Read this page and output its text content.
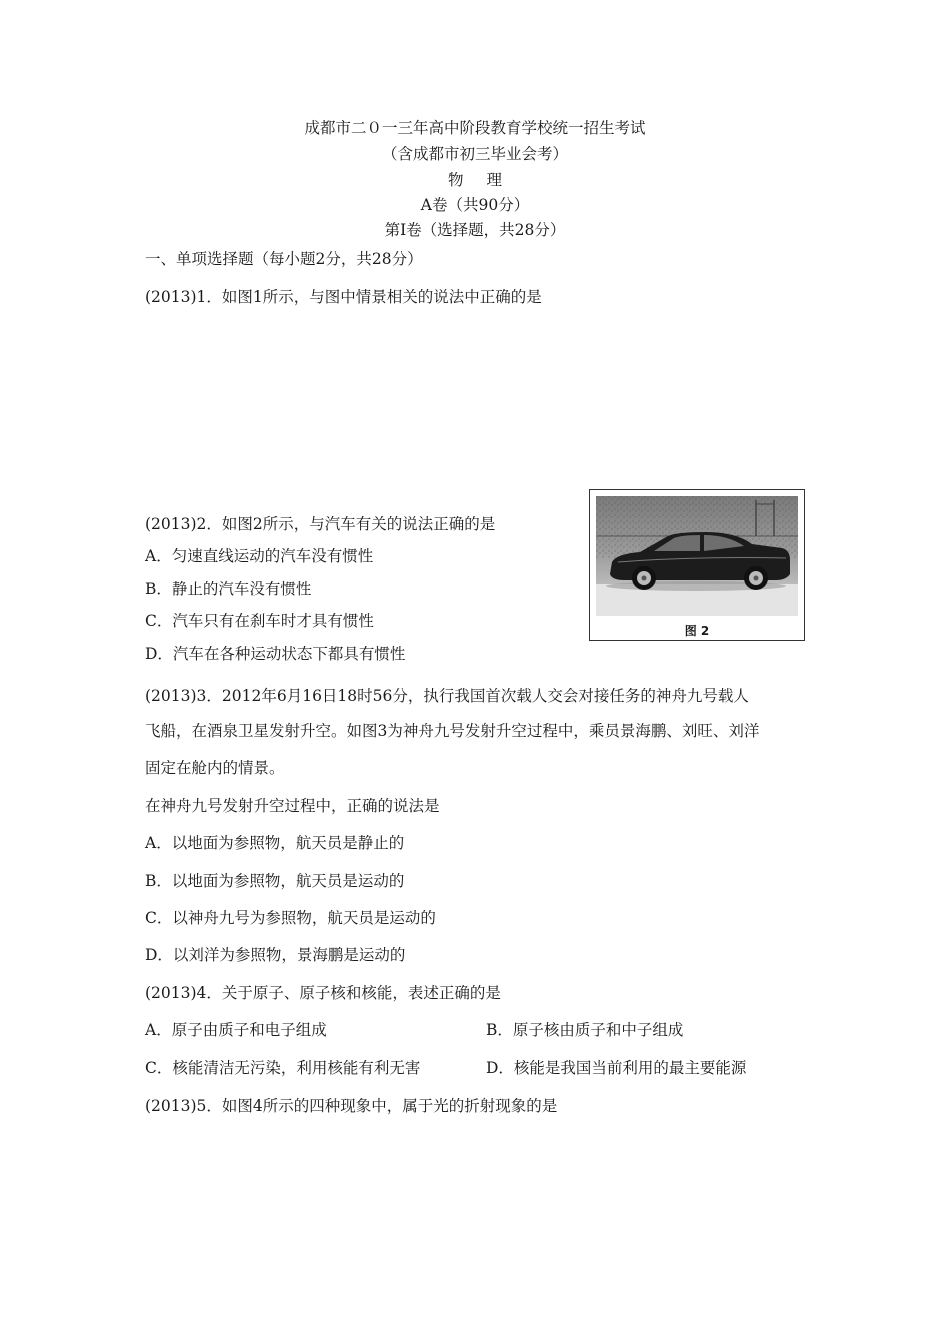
成都市二０一三年高中阶段教育学校统一招生考试
（含成都市初三毕业会考）
物 理
A卷（共90分）
第Ⅰ卷（选择题，共28分）
一、单项选择题（每小题2分，共28分）
(2013)1．如图1所示，与图中情景相关的说法中正确的是
(2013)2．如图2所示，与汽车有关的说法正确的是
A．匀速直线运动的汽车没有惯性
B．静止的汽车没有惯性
C．汽车只有在刹车时才具有惯性
D．汽车在各种运动状态下都具有惯性
图 2
(2013)3．2012年6月16日18时56分，执行我国首次载人交会对接任务的神舟九号载人
飞船，在酒泉卫星发射升空。如图3为神舟九号发射升空过程中，乘员景海鹏、刘旺、刘洋
固定在舱内的情景。
在神舟九号发射升空过程中，正确的说法是
A．以地面为参照物，航天员是静止的
B．以地面为参照物，航天员是运动的
C．以神舟九号为参照物，航天员是运动的
D．以刘洋为参照物，景海鹏是运动的
(2013)4．关于原子、原子核和核能，表述正确的是
A．原子由质子和电子组成	B．原子核由质子和中子组成
C．核能清洁无污染，利用核能有利无害	D．核能是我国当前利用的最主要能源
(2013)5．如图4所示的四种现象中，属于光的折射现象的是
